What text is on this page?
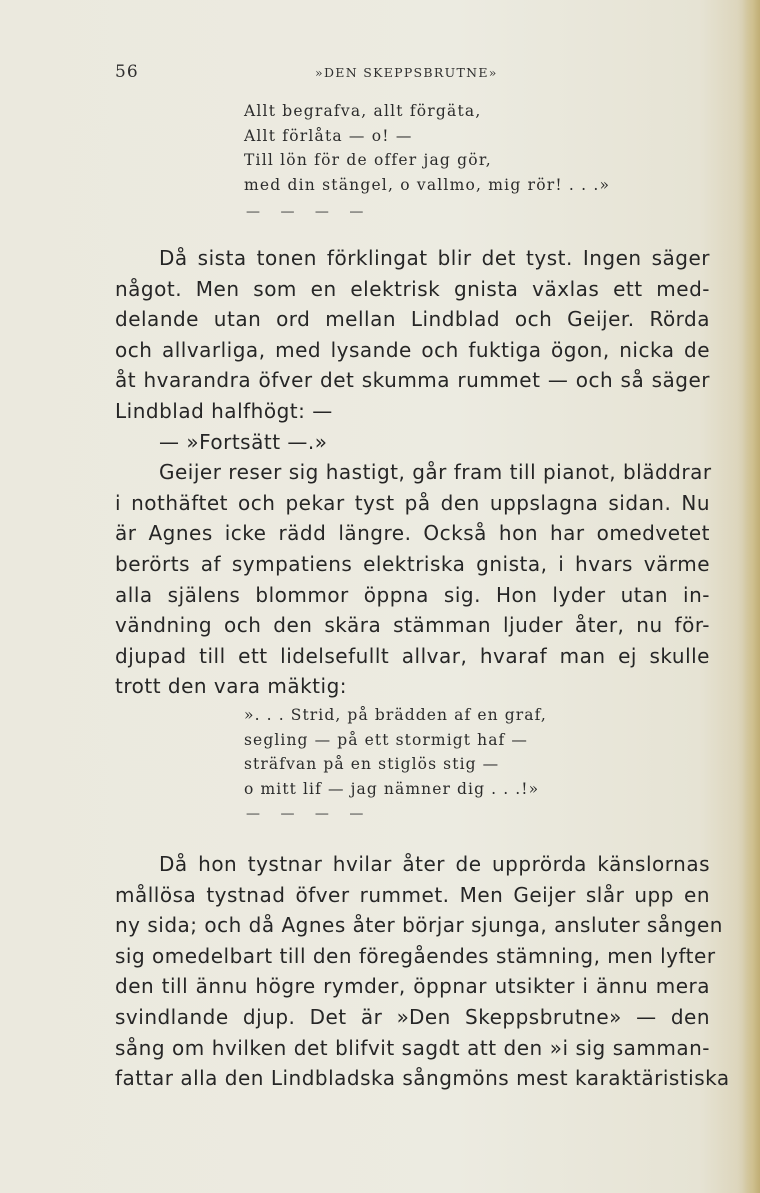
56	»DEN SKEPPSBRUTNE»
Allt begrafva, allt förgäta,
Allt förlåta — o! —
Till lön för de offer jag gör,
med din stängel, o vallmo, mig rör! . . .»
— — — —
Då sista tonen förklingat blir det tyst. Ingen säger
något. Men som en elektrisk gnista växlas ett med-
delande utan ord mellan Lindblad och Geijer. Rörda
och allvarliga, med lysande och fuktiga ögon, nicka de
åt hvarandra öfver det skumma rummet — och så säger
Lindblad halfhögt: —
— »Fortsätt —.»
Geijer reser sig hastigt, går fram till pianot, bläddrar
i nothäftet och pekar tyst på den uppslagna sidan. Nu
är Agnes icke rädd längre. Också hon har omedvetet
berörts af sympatiens elektriska gnista, i hvars värme
alla själens blommor öppna sig. Hon lyder utan in-
vändning och den skära stämman ljuder åter, nu för-
djupad till ett lidelsefullt allvar, hvaraf man ej skulle
trott den vara mäktig:
». . . Strid, på brädden af en graf,
segling — på ett stormigt haf —
sträfvan på en stiglös stig —
o mitt lif — jag nämner dig . . .!»
— — — —
Då hon tystnar hvilar åter de upprörda känslornas
mållösa tystnad öfver rummet. Men Geijer slår upp en
ny sida; och då Agnes åter börjar sjunga, ansluter sången
sig omedelbart till den föregåendes stämning, men lyfter
den till ännu högre rymder, öppnar utsikter i ännu mera
svindlande djup. Det är »Den Skeppsbrutne» — den
sång om hvilken det blifvit sagdt att den »i sig samman-
fattar alla den Lindbladska sångmöns mest karaktäristiska
